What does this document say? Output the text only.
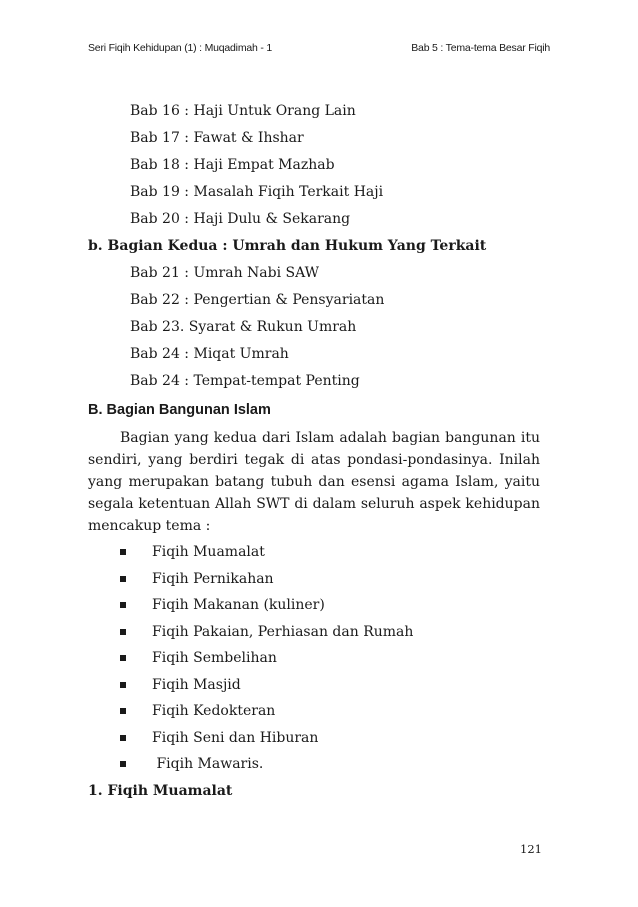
Seri Fiqih Kehidupan (1) : Muqadimah - 1	Bab 5 : Tema-tema Besar Fiqih
Bab 16 : Haji Untuk Orang Lain
Bab 17 : Fawat & Ihshar
Bab 18 : Haji Empat Mazhab
Bab 19 : Masalah Fiqih Terkait Haji
Bab 20 : Haji Dulu & Sekarang
b. Bagian Kedua : Umrah dan Hukum Yang Terkait
Bab 21 : Umrah Nabi SAW
Bab 22 : Pengertian & Pensyariatan
Bab 23. Syarat & Rukun Umrah
Bab 24 : Miqat Umrah
Bab 24 : Tempat-tempat Penting
B. Bagian Bangunan Islam
Bagian yang kedua dari Islam adalah bagian bangunan itu sendiri, yang berdiri tegak di atas pondasi-pondasinya. Inilah yang merupakan batang tubuh dan esensi agama Islam, yaitu segala ketentuan Allah SWT di dalam seluruh aspek kehidupan mencakup tema :
Fiqih Muamalat
Fiqih Pernikahan
Fiqih Makanan (kuliner)
Fiqih Pakaian, Perhiasan dan Rumah
Fiqih Sembelihan
Fiqih Masjid
Fiqih Kedokteran
Fiqih Seni dan Hiburan
Fiqih Mawaris.
1. Fiqih Muamalat
121
